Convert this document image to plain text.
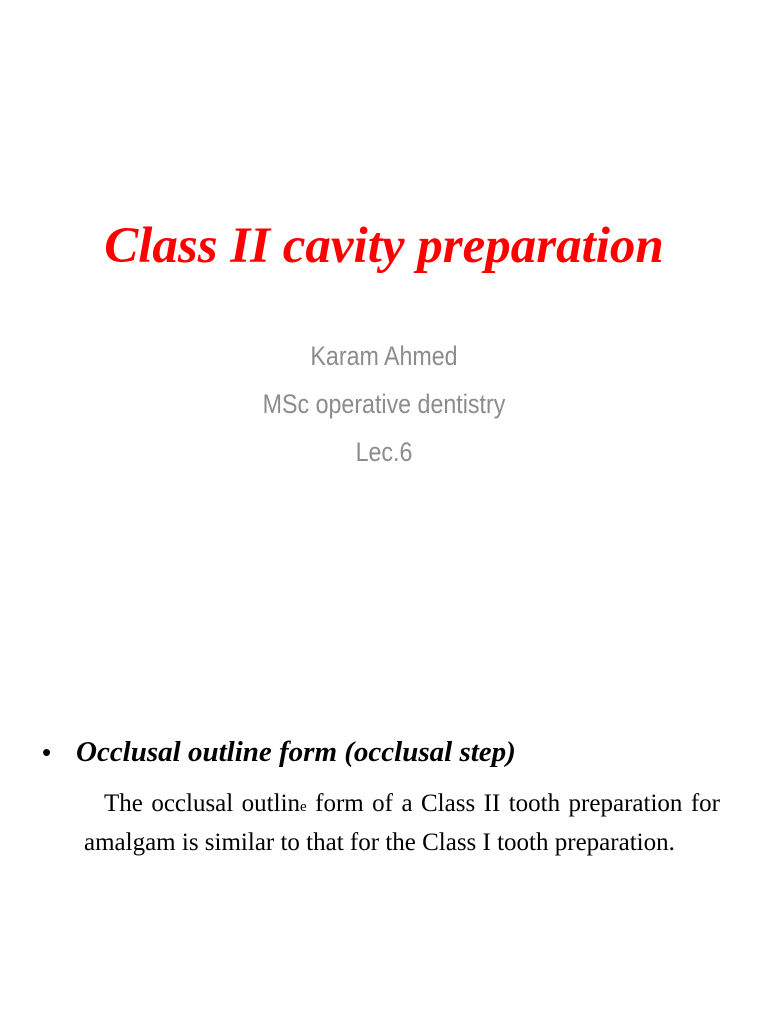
Class II cavity preparation
Karam Ahmed
MSc operative dentistry
Lec.6
• Occlusal outline form (occlusal step)

The occlusal outline form of a Class II tooth preparation for amalgam is similar to that for the Class I tooth preparation.
